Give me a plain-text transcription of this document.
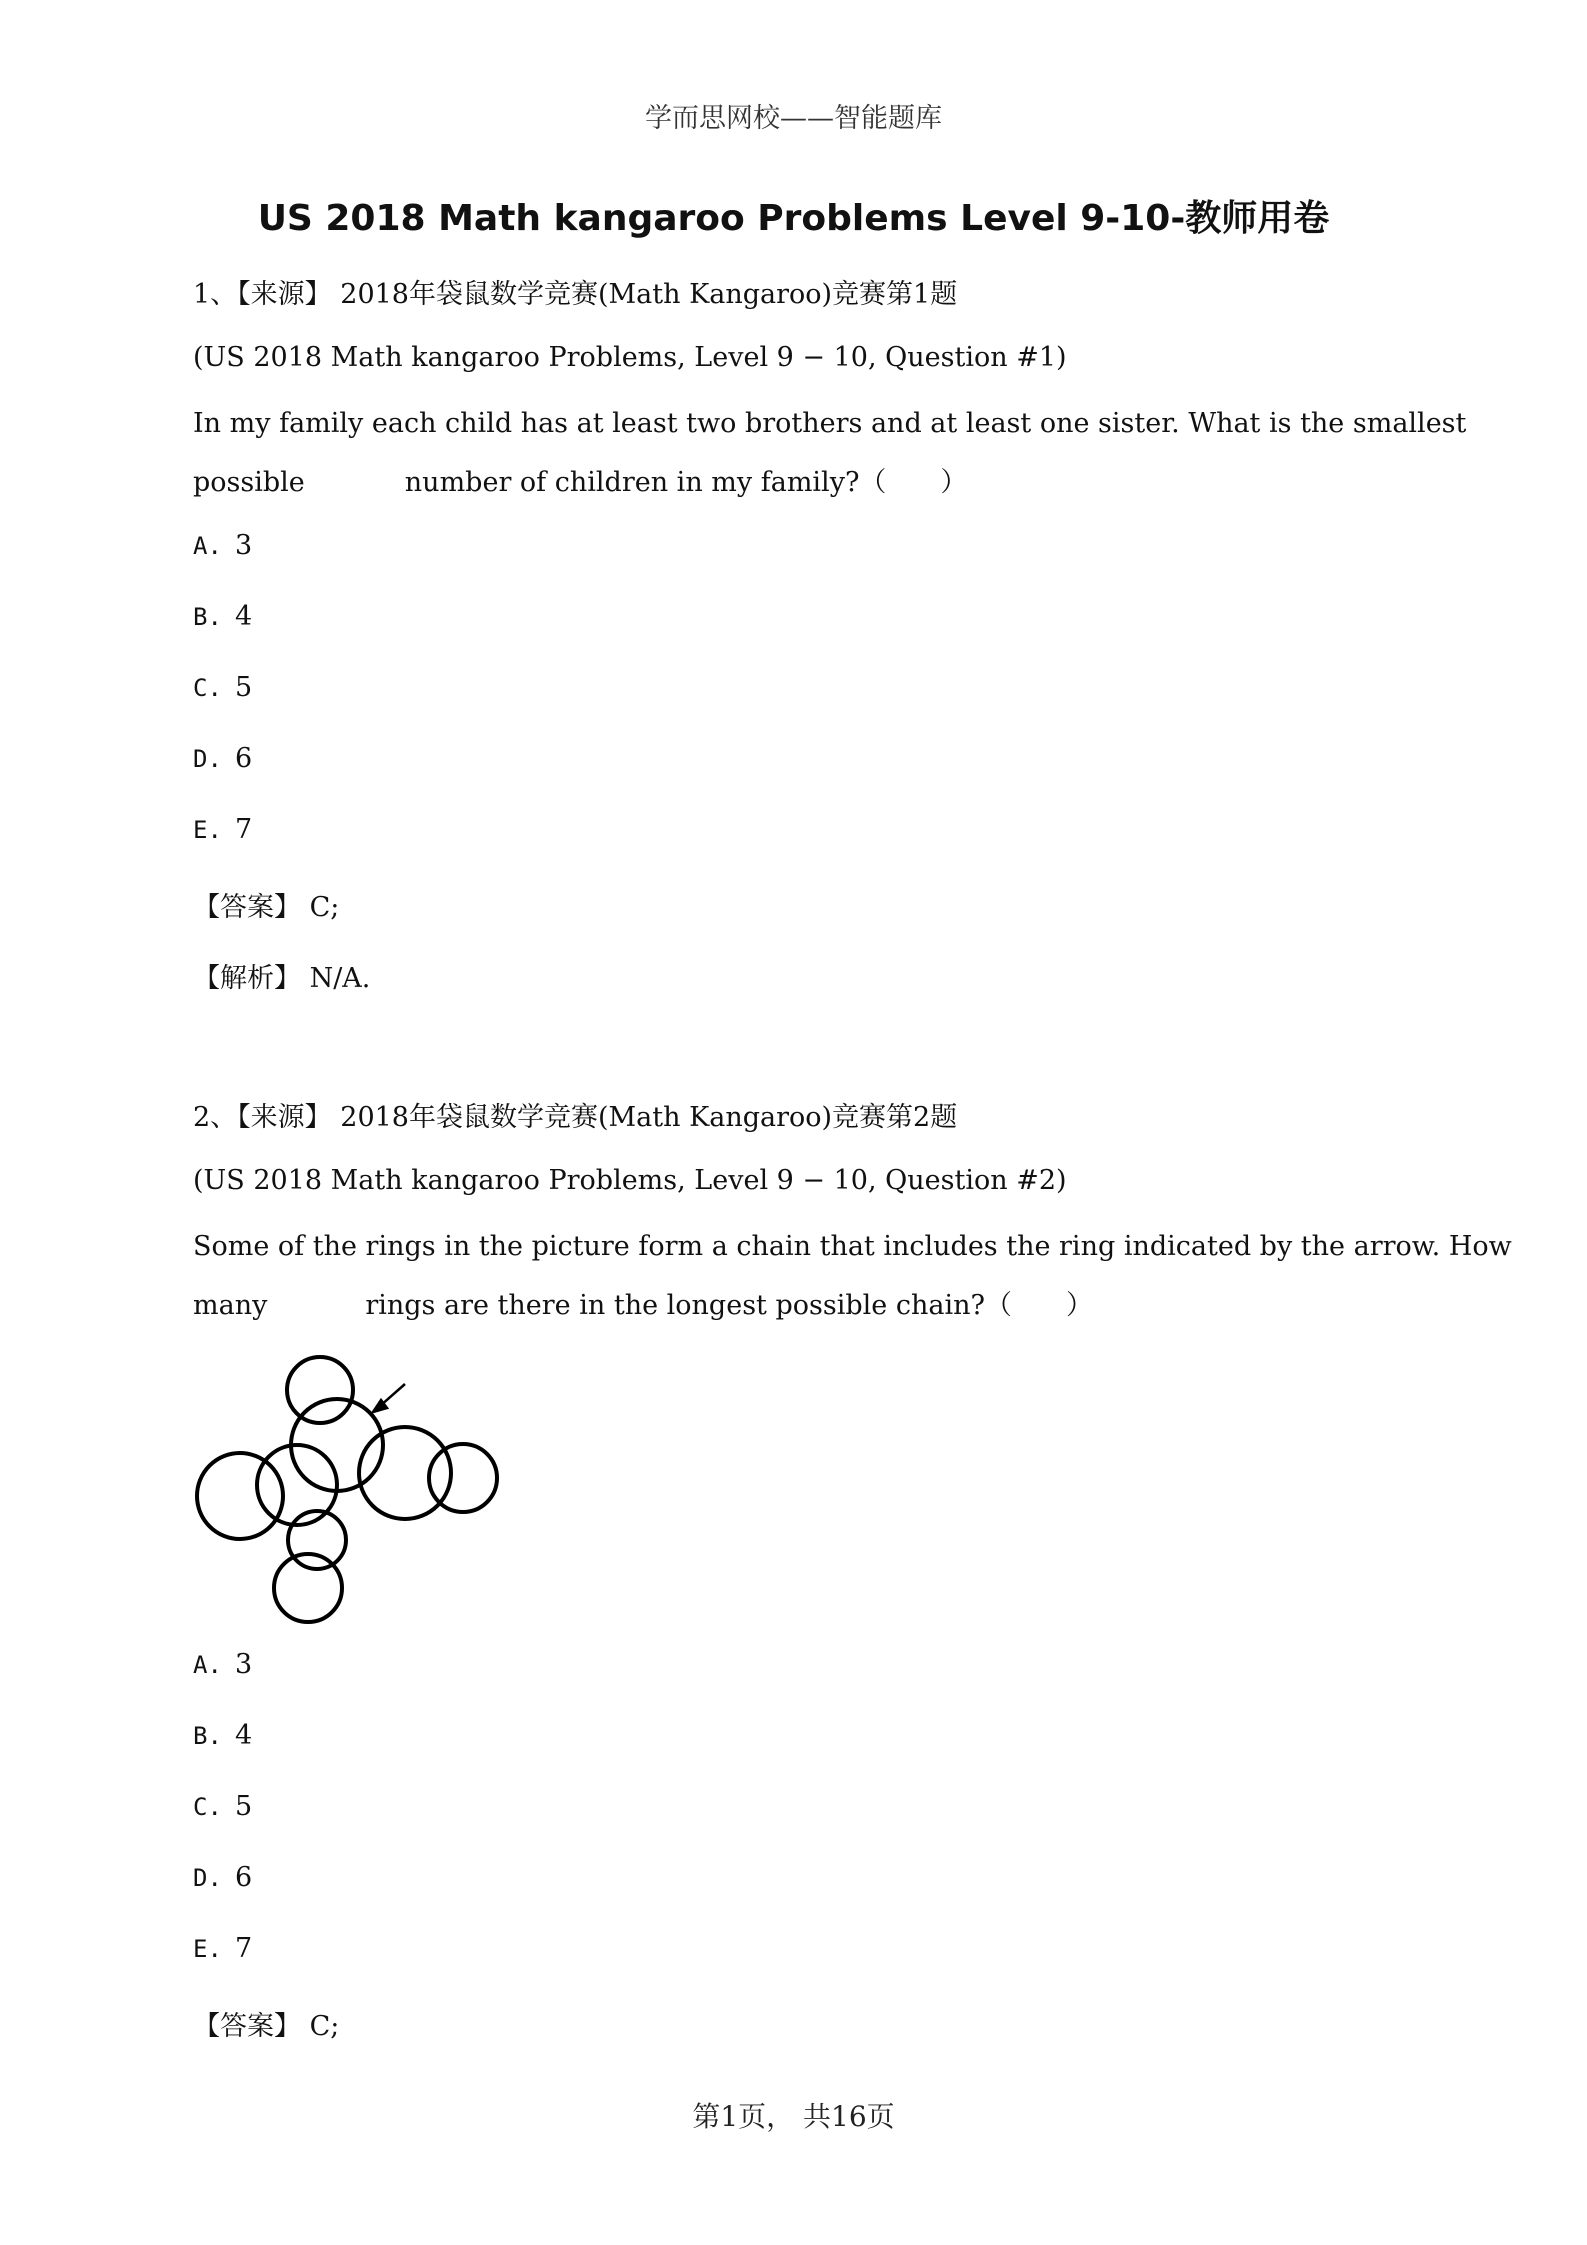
学而思网校——智能题库
US 2018 Math kangaroo Problems Level 9-10-教师用卷
1、【来源】 2018年袋鼠数学竞赛(Math Kangaroo)竞赛第1题
(US 2018 Math kangaroo Problems, Level 9 − 10, Question #1)
In my family each child has at least two brothers and at least one sister. What is the smallest
possible	number of children in my family?（　　）
A. 3
B. 4
C. 5
D. 6
E. 7
【答案】 C;
【解析】 N/A.
2、【来源】 2018年袋鼠数学竞赛(Math Kangaroo)竞赛第2题
(US 2018 Math kangaroo Problems, Level 9 − 10, Question #2)
Some of the rings in the picture form a chain that includes the ring indicated by the arrow. How
many	rings are there in the longest possible chain?（　　）
A. 3
B. 4
C. 5
D. 6
E. 7
【答案】 C;
第1页， 共16页
